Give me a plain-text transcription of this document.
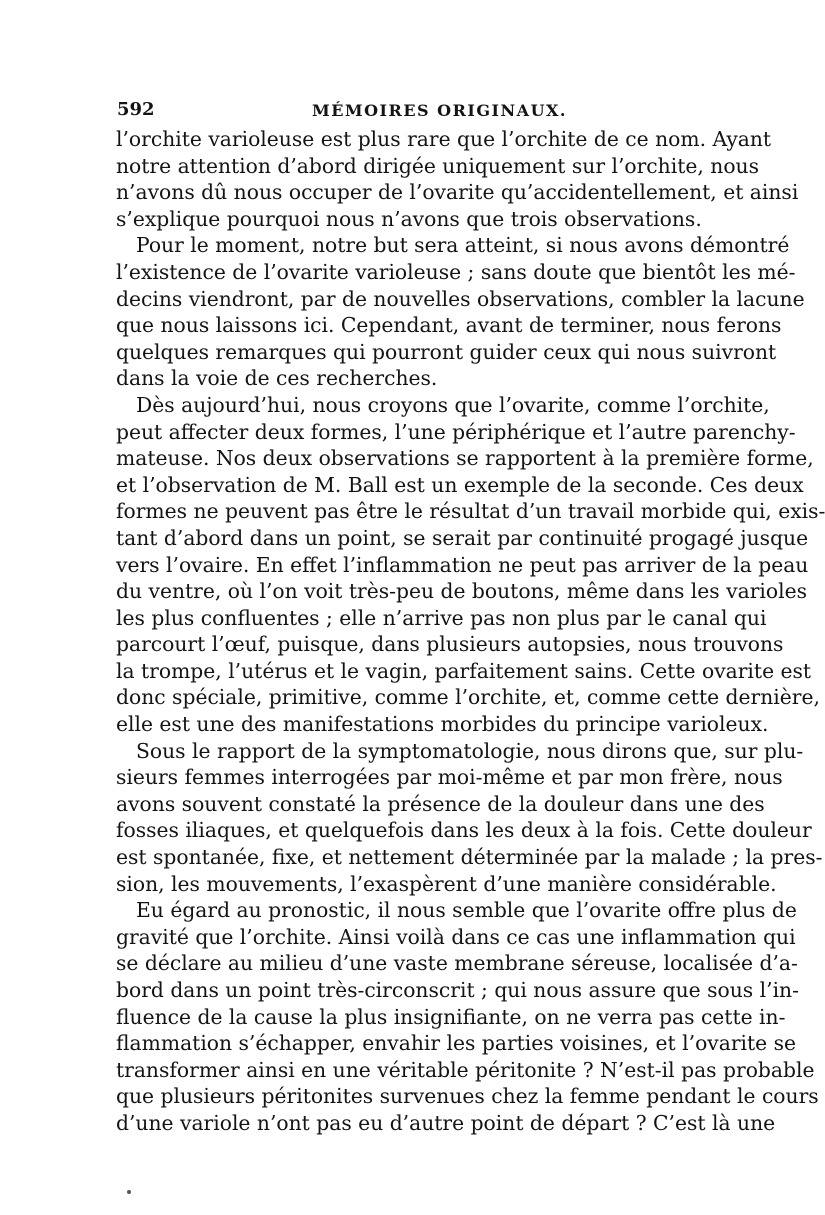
592	MÉMOIRES ORIGINAUX.
l’orchite varioleuse est plus rare que l’orchite de ce nom. Ayant
notre attention d’abord dirigée uniquement sur l’orchite, nous
n’avons dû nous occuper de l’ovarite qu’accidentellement, et ainsi
s’explique pourquoi nous n’avons que trois observations.
Pour le moment, notre but sera atteint, si nous avons démontré
l’existence de l’ovarite varioleuse ; sans doute que bientôt les mé-
decins viendront, par de nouvelles observations, combler la lacune
que nous laissons ici. Cependant, avant de terminer, nous ferons
quelques remarques qui pourront guider ceux qui nous suivront
dans la voie de ces recherches.
Dès aujourd’hui, nous croyons que l’ovarite, comme l’orchite,
peut affecter deux formes, l’une périphérique et l’autre parenchy-
mateuse. Nos deux observations se rapportent à la première forme,
et l’observation de M. Ball est un exemple de la seconde. Ces deux
formes ne peuvent pas être le résultat d’un travail morbide qui, exis-
tant d’abord dans un point, se serait par continuité progagé jusque
vers l’ovaire. En effet l’inflammation ne peut pas arriver de la peau
du ventre, où l’on voit très-peu de boutons, même dans les varioles
les plus confluentes ; elle n’arrive pas non plus par le canal qui
parcourt l’œuf, puisque, dans plusieurs autopsies, nous trouvons
la trompe, l’utérus et le vagin, parfaitement sains. Cette ovarite est
donc spéciale, primitive, comme l’orchite, et, comme cette dernière,
elle est une des manifestations morbides du principe varioleux.
Sous le rapport de la symptomatologie, nous dirons que, sur plu-
sieurs femmes interrogées par moi-même et par mon frère, nous
avons souvent constaté la présence de la douleur dans une des
fosses iliaques, et quelquefois dans les deux à la fois. Cette douleur
est spontanée, fixe, et nettement déterminée par la malade ; la pres-
sion, les mouvements, l’exaspèrent d’une manière considérable.
Eu égard au pronostic, il nous semble que l’ovarite offre plus de
gravité que l’orchite. Ainsi voilà dans ce cas une inflammation qui
se déclare au milieu d’une vaste membrane séreuse, localisée d’a-
bord dans un point très-circonscrit ; qui nous assure que sous l’in-
fluence de la cause la plus insignifiante, on ne verra pas cette in-
flammation s’échapper, envahir les parties voisines, et l’ovarite se
transformer ainsi en une véritable péritonite ? N’est-il pas probable
que plusieurs péritonites survenues chez la femme pendant le cours
d’une variole n’ont pas eu d’autre point de départ ? C’est là une
